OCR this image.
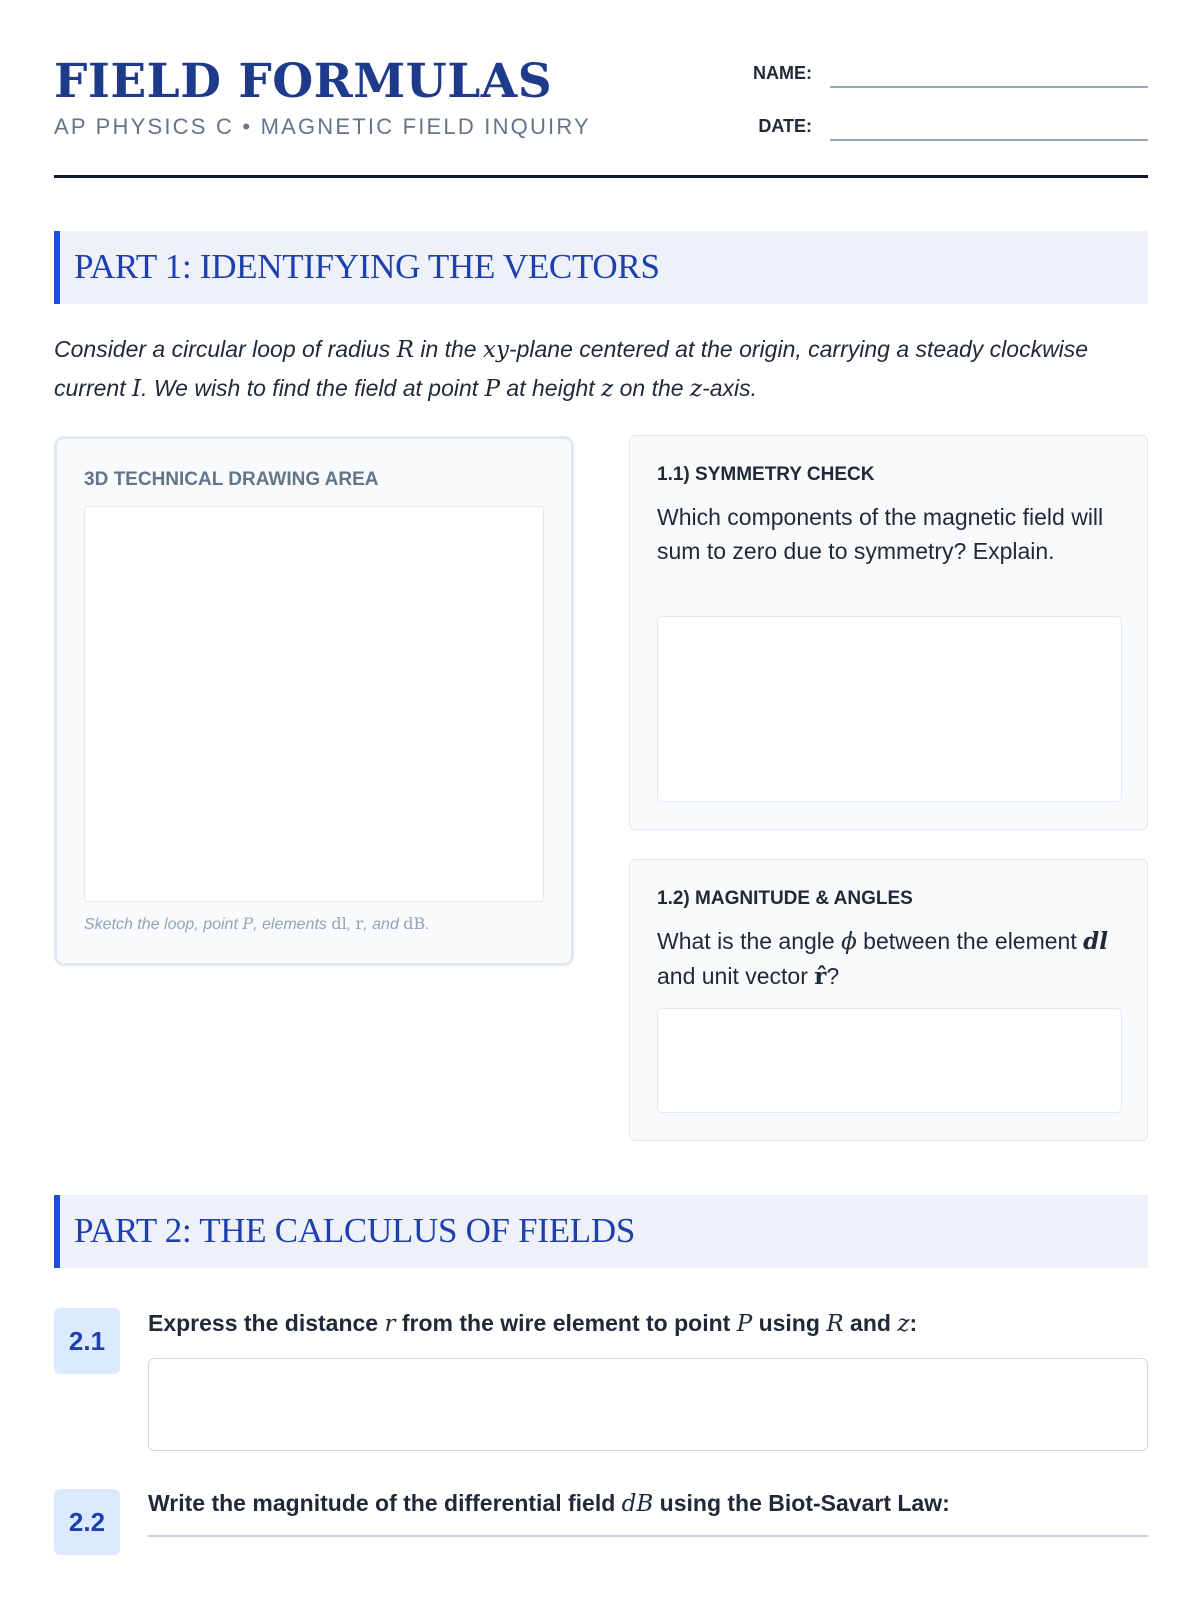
FIELD FORMULAS
AP PHYSICS C • MAGNETIC FIELD INQUIRY
NAME:
DATE:
PART 1: IDENTIFYING THE VECTORS

Consider a circular loop of radius R in the xy-plane centered at the origin, carrying a steady clockwise current I. We wish to find the field at point P at height z on the z-axis.

3D TECHNICAL DRAWING AREA
Sketch the loop, point P, elements dl, r, and dB.
1.1) SYMMETRY CHECK
Which components of the magnetic field will sum to zero due to symmetry? Explain.
1.2) MAGNITUDE & ANGLES
What is the angle ϕ between the element dl and unit vector r̂?
PART 2: THE CALCULUS OF FIELDS
2.1
Express the distance r from the wire element to point P using R and z:
2.2
Write the magnitude of the differential field dB using the Biot-Savart Law:
